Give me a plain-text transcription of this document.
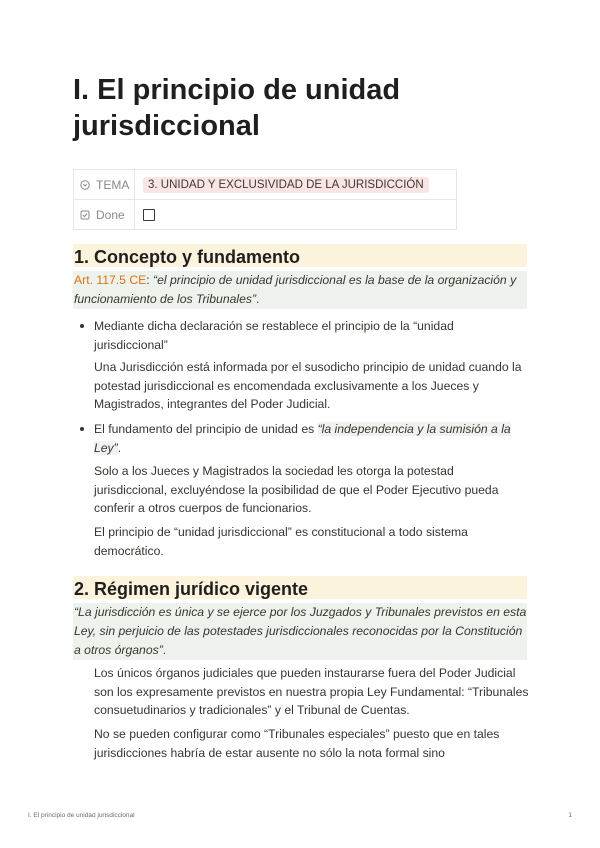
I. El principio de unidad jurisdiccional
TEMA	3. UNIDAD Y EXCLUSIVIDAD DE LA JURISDICCIÓN
Done
1. Concepto y fundamento
Art. 117.5 CE: “el principio de unidad jurisdiccional es la base de la organización y funcionamiento de los Tribunales”.
Mediante dicha declaración se restablece el principio de la “unidad jurisdiccional”
Una Jurisdicción está informada por el susodicho principio de unidad cuando la potestad jurisdiccional es encomendada exclusivamente a los Jueces y Magistrados, integrantes del Poder Judicial.
El fundamento del principio de unidad es “la independencia y la sumisión a la Ley”.
Solo a los Jueces y Magistrados la sociedad les otorga la potestad jurisdiccional, excluyéndose la posibilidad de que el Poder Ejecutivo pueda conferir a otros cuerpos de funcionarios.
El principio de “unidad jurisdiccional” es constitucional a todo sistema democrático.
2. Régimen jurídico vigente
“La jurisdicción es única y se ejerce por los Juzgados y Tribunales previstos en esta Ley, sin perjuicio de las potestades jurisdiccionales reconocidas por la Constitución a otros órganos”.
Los únicos órganos judiciales que pueden instaurarse fuera del Poder Judicial son los expresamente previstos en nuestra propia Ley Fundamental: “Tribunales consuetudinarios y tradicionales” y el Tribunal de Cuentas.
No se pueden configurar como “Tribunales especiales” puesto que en tales jurisdicciones habría de estar ausente no sólo la nota formal sino
I. El principio de unidad jurisdiccional	1
